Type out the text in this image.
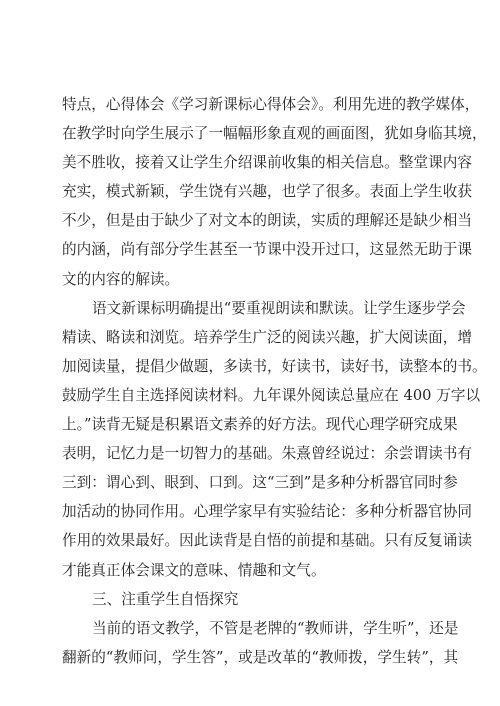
特点，心得体会《学习新课标心得体会》。利用先进的教学媒体，
在教学时向学生展示了一幅幅形象直观的画面图，犹如身临其境，
美不胜收，接着又让学生介绍课前收集的相关信息。整堂课内容
充实，模式新颖，学生饶有兴趣，也学了很多。表面上学生收获
不少，但是由于缺少了对文本的朗读，实质的理解还是缺少相当
的内涵，尚有部分学生甚至一节课中没开过口，这显然无助于课
文的内容的解读。
语文新课标明确提出“要重视朗读和默读。让学生逐步学会
精读、略读和浏览。培养学生广泛的阅读兴趣，扩大阅读面，增
加阅读量，提倡少做题，多读书，好读书，读好书，读整本的书。
鼓励学生自主选择阅读材料。九年课外阅读总量应在 400 万字以
上。”读背无疑是积累语文素养的好方法。现代心理学研究成果
表明，记忆力是一切智力的基础。朱熹曾经说过：余尝谓读书有
三到：谓心到、眼到、口到。这“三到”是多种分析器官同时参
加活动的协同作用。心理学家早有实验结论：多种分析器官协同
作用的效果最好。因此读背是自悟的前提和基础。只有反复诵读
才能真正体会课文的意味、情趣和文气。
三、注重学生自悟探究
当前的语文教学，不管是老牌的“教师讲，学生听”，还是
翻新的“教师问，学生答”，或是改革的“教师拨，学生转”，其
